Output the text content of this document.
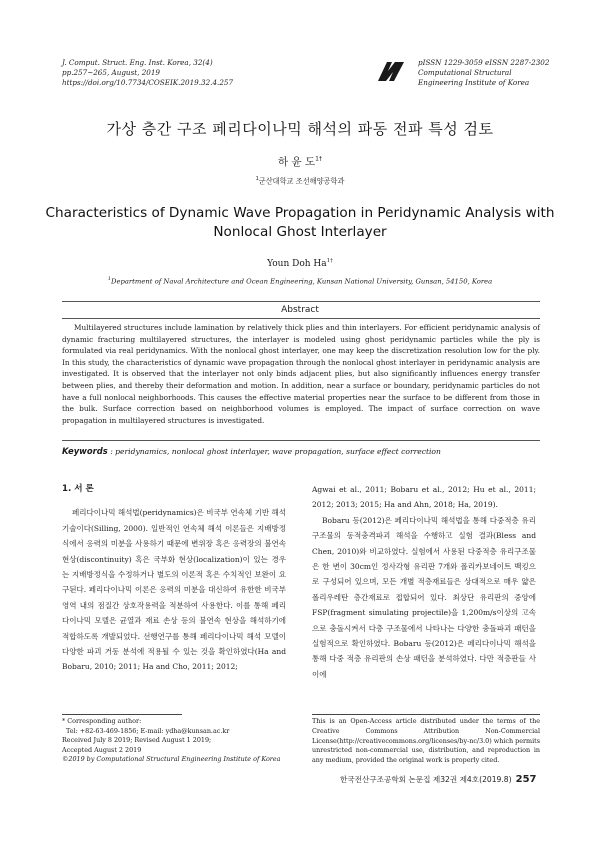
J. Comput. Struct. Eng. Inst. Korea, 32(4)
pp.257~265, August, 2019
https://doi.org/10.7734/COSEIK.2019.32.4.257
pISSN 1229-3059 eISSN 2287-2302
Computational Structural
Engineering Institute of Korea
가상 층간 구조 페리다이나믹 해석의 파동 전파 특성 검토
하 윤 도$^{1\dagger}$
$^1$군산대학교 조선해양공학과
Characteristics of Dynamic Wave Propagation in Peridynamic Analysis with Nonlocal Ghost Interlayer
Youn Doh $Ha^{1\dagger}$
$^1$Department of Naval Architecture and Ocean Engineering, Kunsan National University, Gunsan, 54150, Korea
Abstract
Multilayered structures include lamination by relatively thick plies and thin interlayers. For efficient peridynamic analysis of dynamic fracturing multilayered structures, the interlayer is modeled using ghost peridynamic particles while the ply is formulated via real peridynamics. With the nonlocal ghost interlayer, one may keep the discretization resolution low for the ply. In this study, the characteristics of dynamic wave propagation through the nonlocal ghost interlayer in peridynamic analysis are investigated. It is observed that the interlayer not only binds adjacent plies, but also significantly influences energy transfer between plies, and thereby their deformation and motion. In addition, near a surface or boundary, peridynamic particles do not have a full nonlocal neighborhoods. This causes the effective material properties near the surface to be different from those in the bulk. Surface correction based on neighborhood volumes is employed. The impact of surface correction on wave propagation in multilayered structures is investigated.
Keywords : peridynamics, nonlocal ghost interlayer, wave propagation, surface effect correction
1. 서 론

페리다이나믹 해석법(peridynamics)은 비국부 연속체 기반 해석 기술이다(Silling, 2000). 일반적인 연속체 해석 이론들은 지배방정식에서 응력의 미분을 사용하기 때문에 변위장 혹은 응력장의 불연속 현상(discontinuity) 혹은 국부화 현상(localization)이 있는 경우는 지배방정식을 수정하거나 별도의 이론적 혹은 수치적인 보완이 요구된다. 페리다이나믹 이론은 응력의 미분을 대신하여 유한한 비국부 영역 내의 점질간 상호작용력을 적분하여 사용한다. 이를 통해 페리다이나믹 모델은 균열과 재료 손상 등의 불연속 현상을 해석하기에 적합하도록 개발되었다. 선행연구를 통해 페리다이나믹 해석 모델이 다양한 파괴 거동 분석에 적용될 수 있는 것을 확인하였다(Ha and Bobaru, 2010; 2011; Ha and Cho, 2011; 2012;

Agwai et al., 2011; Bobaru et al., 2012; Hu et al., 2011; 2012; 2013; 2015; Ha and Ahn, 2018; Ha, 2019).

Bobaru 등(2012)은 페리다이나믹 해석법을 통해 다중적층 유리구조물의 동적충격파괴 해석을 수행하고 실험 결과(Bless and Chen, 2010)와 비교하였다. 실험에서 사용된 다중적층 유리구조물은 한 변이 30cm인 정사각형 유리판 7개와 폴리카보네이트 백킹으로 구성되어 있으며, 모든 개별 적층재료들은 상대적으로 매우 얇은 폴리우레탄 층간재료로 접합되어 있다. 최상단 유리판의 중앙에 FSP(fragment simulating projectile)을 1,200m/s이상의 고속으로 충돌시켜서 다층 구조물에서 나타나는 다양한 충돌파괴 패턴을 실험적으로 확인하였다. Bobaru 등(2012)은 페리다이나믹 해석을 통해 다중 적층 유리판의 손상 패턴을 분석하였다. 다만 적층판들 사이에

* Corresponding author:
Tel: +82-63-469-1856; E-mail: ydha@kunsan.ac.kr
Received July 8 2019; Revised August 1 2019;
Accepted August 2 2019
©2019 by Computational Structural Engineering Institute of Korea
This is an Open-Access article distributed under the terms of the Creative Commons Attribution Non-Commercial License(http://creativecommons.org/licenses/by-nc/3.0) which permits unrestricted non-commercial use, distribution, and reproduction in any medium, provided the original work is properly cited.
한국전산구조공학회 논문집 제32권 제4호(2019.8) 257
